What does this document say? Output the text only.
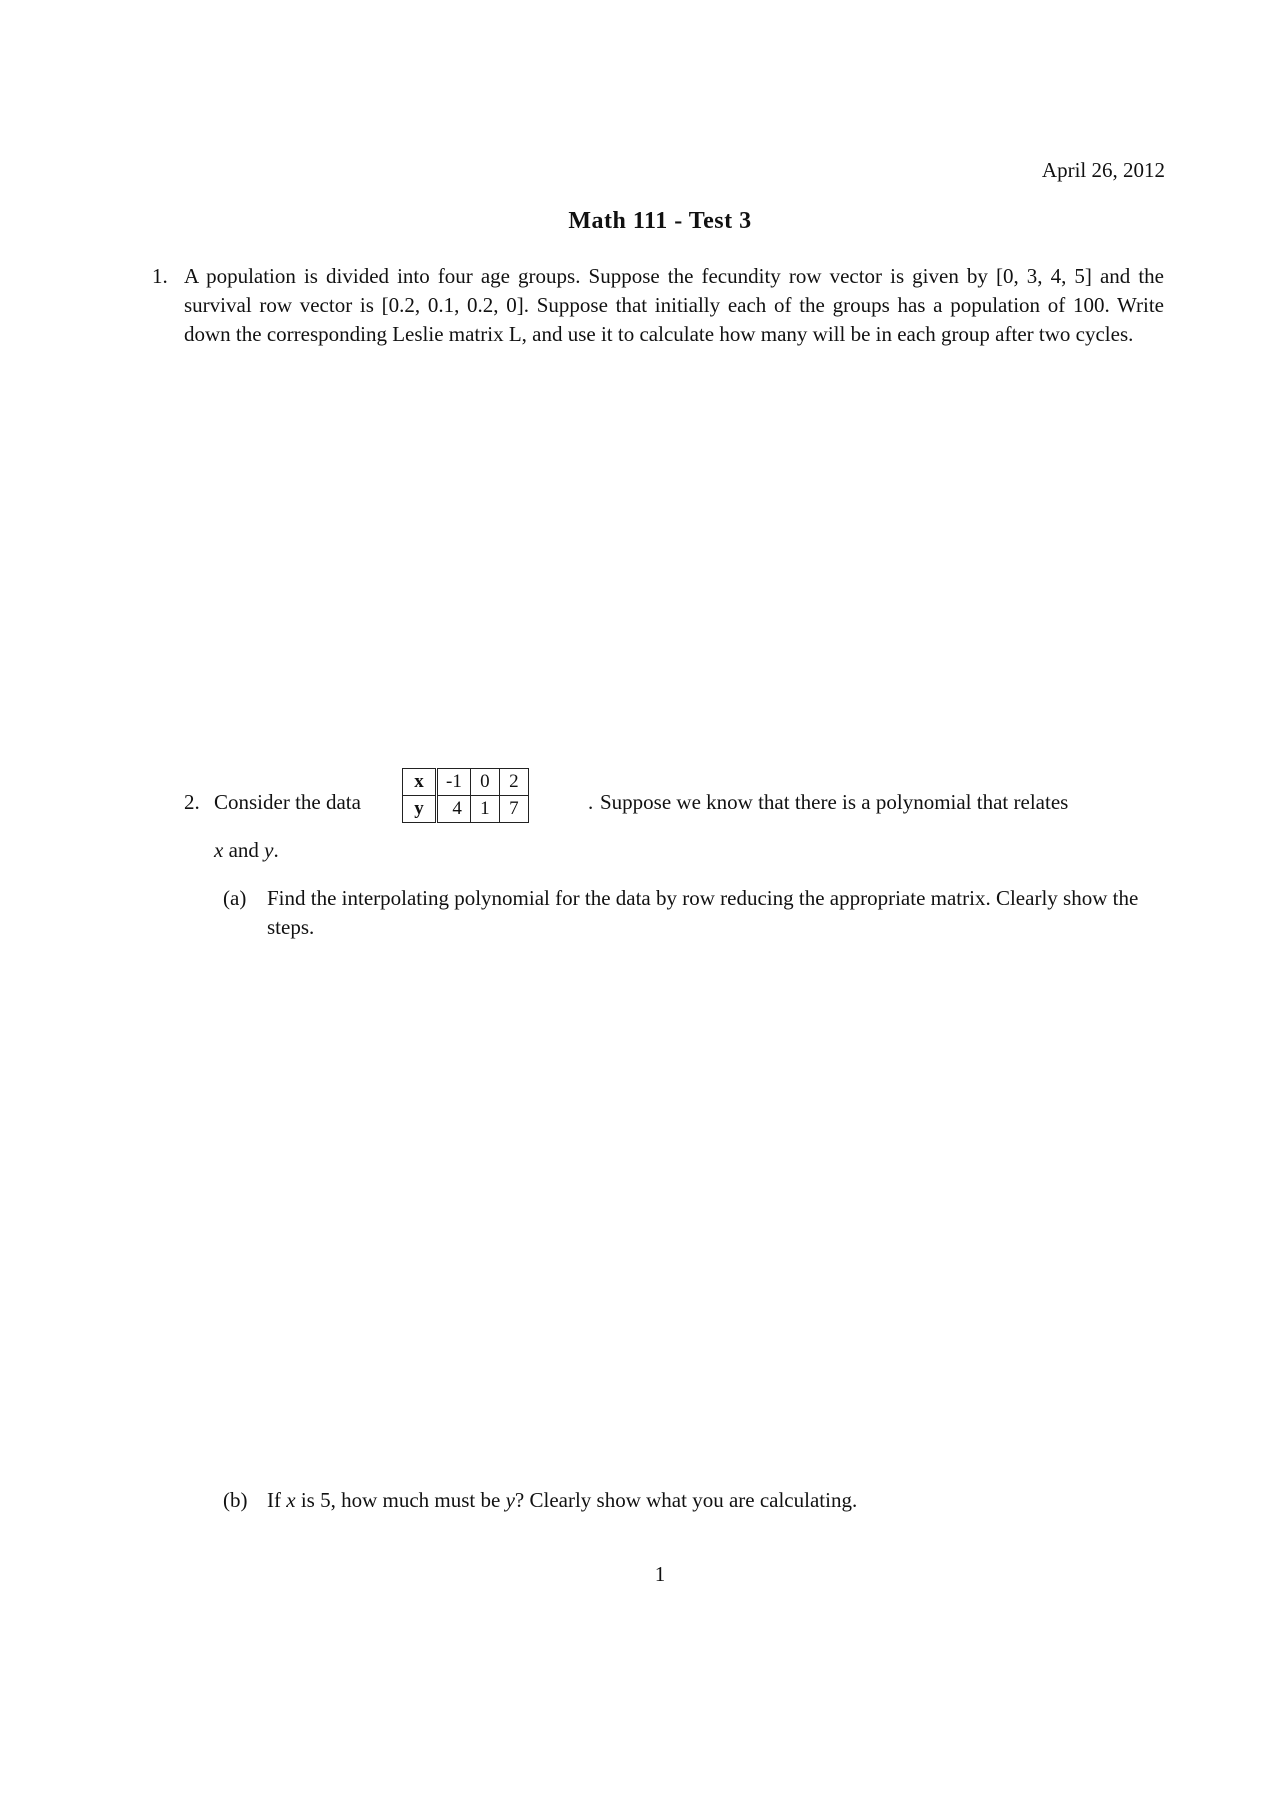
April 26, 2012
Math 111 - Test 3
1. A population is divided into four age groups. Suppose the fecundity row vector is given by [0, 3, 4, 5] and the survival row vector is [0.2, 0.1, 0.2, 0]. Suppose that initially each of the groups has a population of 100. Write down the corresponding Leslie matrix L, and use it to calculate how many will be in each group after two cycles.
2. Consider the data
x	-1	0	2
y	4	1	7	. Suppose we know that there is a polynomial that relates
x and y.
(a) Find the interpolating polynomial for the data by row reducing the appropriate matrix. Clearly show the steps.
(b) If x is 5, how much must be y? Clearly show what you are calculating.
1
